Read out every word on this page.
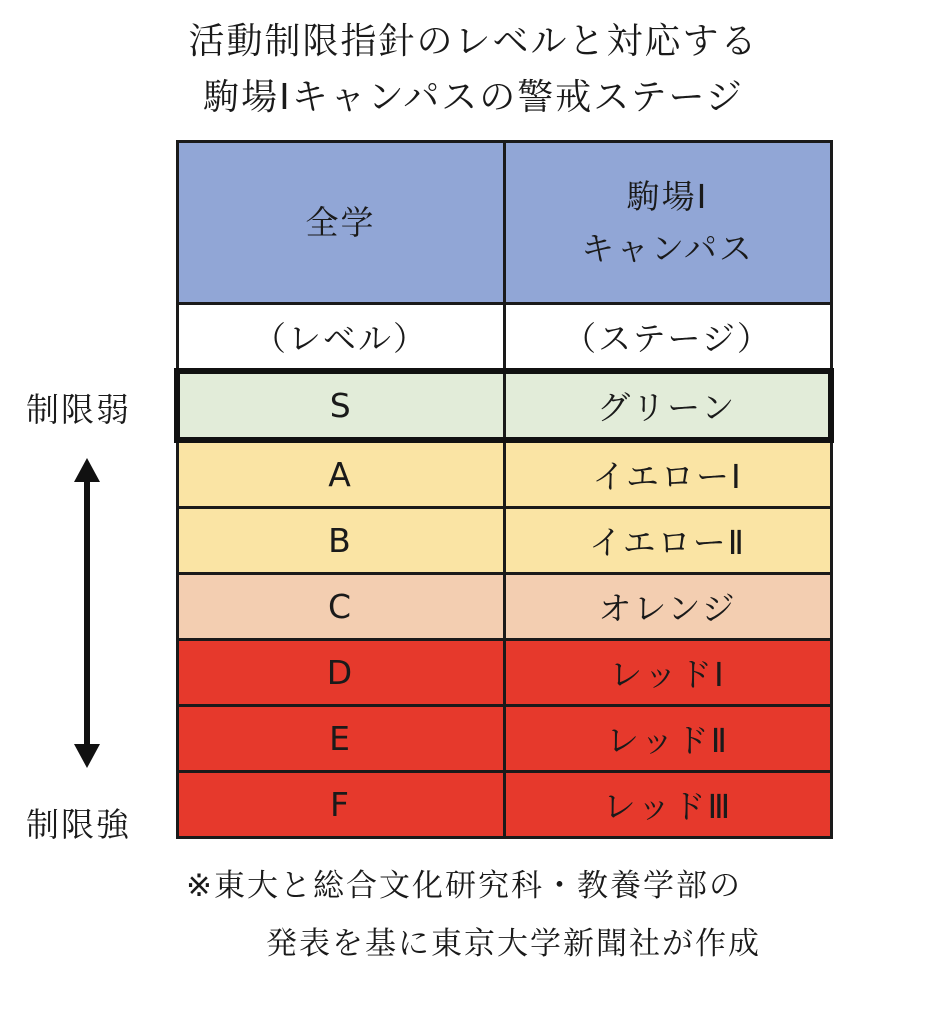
活動制限指針のレベルと対応する
駒場Ⅰキャンパスの警戒ステージ
全学	駒場Ⅰ
キャンパス

（レベル）	（ステージ）
S	グリーン
A	イエローⅠ
B	イエローⅡ
C	オレンジ
D	レッドⅠ
E	レッドⅡ
F	レッドⅢ
制限弱
制限強
※東大と総合文化研究科・教養学部の
発表を基に東京大学新聞社が作成
